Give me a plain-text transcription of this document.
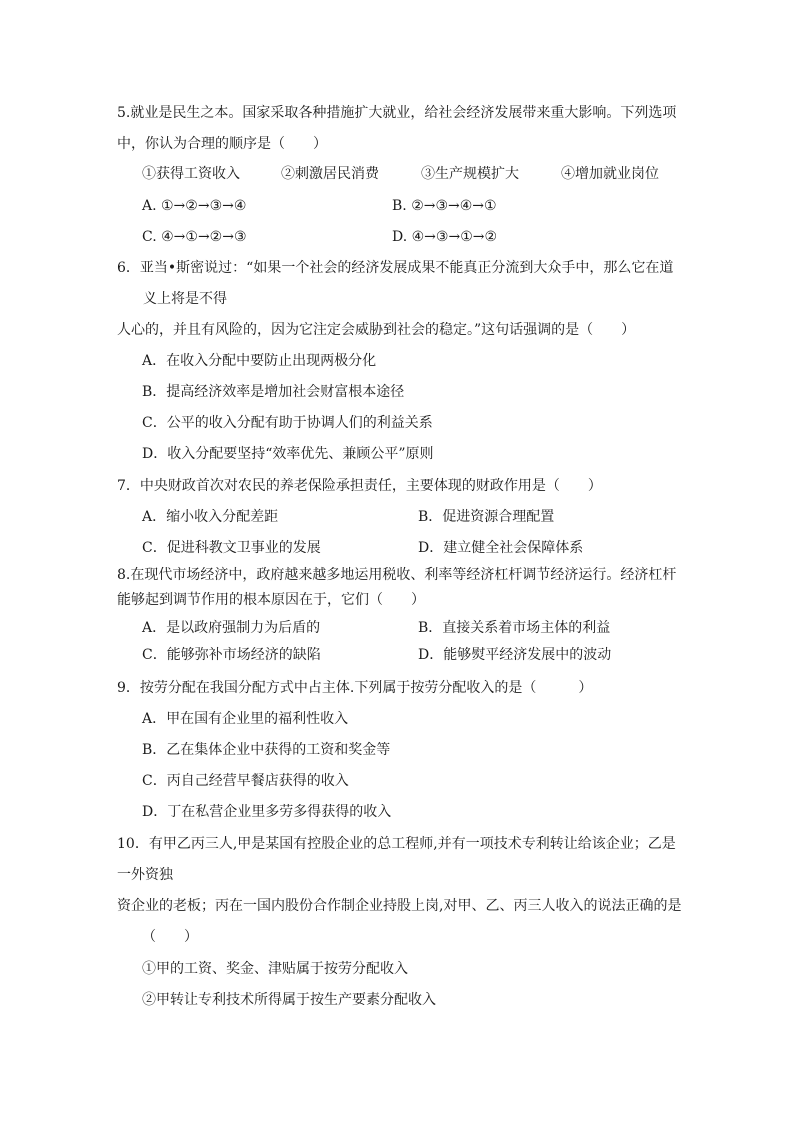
5.就业是民生之本。国家采取各种措施扩大就业，给社会经济发展带来重大影响。下列选项
中，你认为合理的顺序是（　　）
①获得工资收入	②刺激居民消费	③生产规模扩大	④增加就业岗位
A. ①→②→③→④	B. ②→③→④→①
C. ④→①→②→③	D. ④→③→①→②
6．亚当•斯密说过：“如果一个社会的经济发展成果不能真正分流到大众手中，那么它在道
义上将是不得
人心的，并且有风险的，因为它注定会威胁到社会的稳定。”这句话强调的是（　　）
A．在收入分配中要防止出现两极分化
B．提高经济效率是增加社会财富根本途径
C．公平的收入分配有助于协调人们的利益关系
D．收入分配要坚持“效率优先、兼顾公平”原则
7．中央财政首次对农民的养老保险承担责任，主要体现的财政作用是（　　）
A．缩小收入分配差距	B．促进资源合理配置
C．促进科教文卫事业的发展	D．建立健全社会保障体系
8.在现代市场经济中，政府越来越多地运用税收、利率等经济杠杆调节经济运行。经济杠杆
能够起到调节作用的根本原因在于，它们（　　）
A．是以政府强制力为后盾的	B．直接关系着市场主体的利益
C．能够弥补市场经济的缺陷	D．能够熨平经济发展中的波动
9．按劳分配在我国分配方式中占主体.下列属于按劳分配收入的是（　　　）
A．甲在国有企业里的福利性收入
B．乙在集体企业中获得的工资和奖金等
C．丙自己经营早餐店获得的收入
D．丁在私营企业里多劳多得获得的收入
10．有甲乙丙三人,甲是某国有控股企业的总工程师,并有一项技术专利转让给该企业；乙是
一外资独
资企业的老板；丙在一国内股份合作制企业持股上岗,对甲、乙、丙三人收入的说法正确的是
（　　）
①甲的工资、奖金、津贴属于按劳分配收入
②甲转让专利技术所得属于按生产要素分配收入
